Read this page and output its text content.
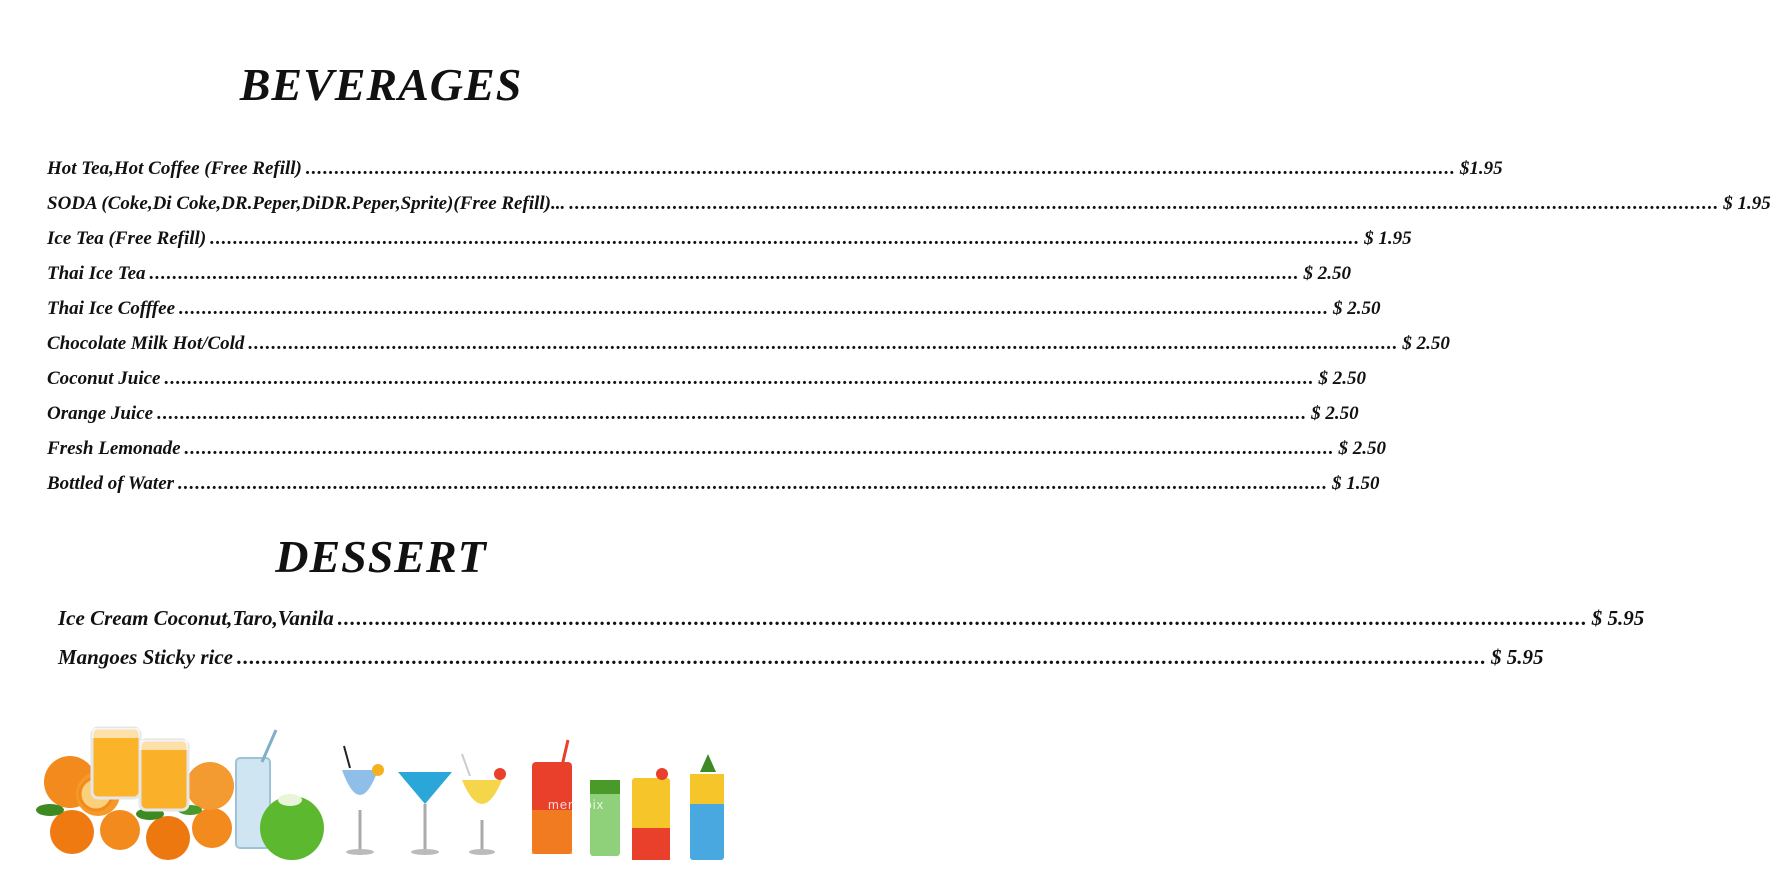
BEVERAGES
Hot Tea,Hot Coffee (Free Refill) ........................................................................................................................................................................................................ $1.95
SODA (Coke,Di Coke,DR.Peper,DiDR.Peper,Sprite)(Free Refill)... ........................................................................................................................................................................................................ $ 1.95
Ice Tea (Free Refill) ........................................................................................................................................................................................................ $ 1.95
Thai Ice Tea ........................................................................................................................................................................................................ $ 2.50
Thai Ice Cofffee ........................................................................................................................................................................................................ $ 2.50
Chocolate Milk Hot/Cold ........................................................................................................................................................................................................ $ 2.50
Coconut Juice ........................................................................................................................................................................................................ $ 2.50
Orange Juice ........................................................................................................................................................................................................ $ 2.50
Fresh Lemonade ........................................................................................................................................................................................................ $ 2.50
Bottled of Water ........................................................................................................................................................................................................ $ 1.50
DESSERT
Ice Cream Coconut,Taro,Vanila ........................................................................................................................................................................................................ $ 5.95
Mangoes Sticky rice ........................................................................................................................................................................................................ $ 5.95
menupix
